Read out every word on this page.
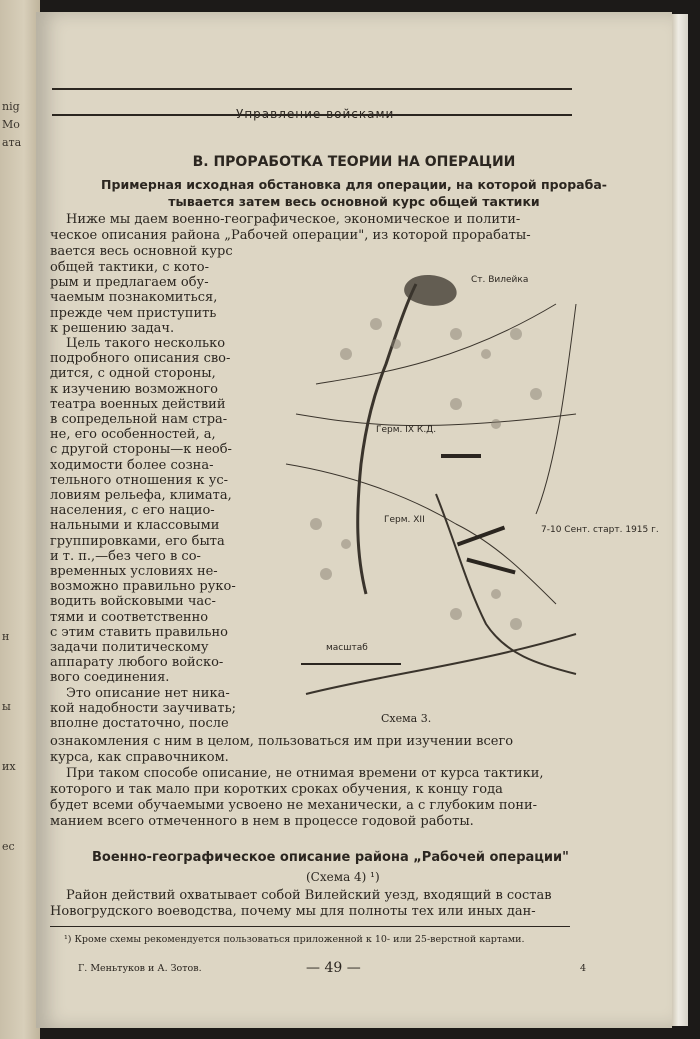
nig
Мо
ата
н
ы
их
ес
В. ПРОРАБОТКА ТЕОРИИ НА ОПЕРАЦИИ
Примерная исходная обстановка для операции, на которой прораба-
тывается затем весь основной курс общей тактики
Ниже мы даем военно-географическое, экономическое и полити-
ческое описания района „Рабочей операции", из которой прорабаты-
вается весь основной курс
общей тактики, с кото-
рым и предлагаем обу-
чаемым познакомиться,
прежде чем приступить
к решению задач.
Цель такого несколько
подробного описания сво-
дится, с одной стороны,
к изучению возможного
театра военных действий
в сопредельной нам стра-
не, его особенностей, а,
с другой стороны—к необ-
ходимости более созна-
тельного отношения к ус-
ловиям рельефа, климата,
населения, с его нацио-
нальными и классовыми
группировками, его быта
и т. п.,—без чего в со-
временных условиях не-
возможно правильно руко-
водить войсковыми час-
тями и соответственно
с этим ставить правильно
задачи политическому
аппарату любого войско-
вого соединения.
Это описание нет ника-
кой надобности заучивать;
вполне достаточно, после
Ст. Вилейка
Герм. IX К.Д.
Герм. XII
7-10 Сент. старт. 1915 г.
масштаб
Схема 3.
ознакомления с ним в целом, пользоваться им при изучении всего
курса, как справочником.
При таком способе описание, не отнимая времени от курса тактики,
которого и так мало при коротких сроках обучения, к концу года
будет всеми обучаемыми усвоено не механически, а с глубоким пони-
манием всего отмеченного в нем в процессе годовой работы.
Военно-географическое описание района „Рабочей операции"
(Схема 4) ¹)
Район действий охватывает собой Вилейский уезд, входящий в состав
Новогрудского воеводства, почему мы для полноты тех или иных дан-
¹) Кроме схемы рекомендуется пользоваться приложенной к 10- или 25-верстной картами.
Г. Меньтуков и А. Зотов.	— 49 —	4
